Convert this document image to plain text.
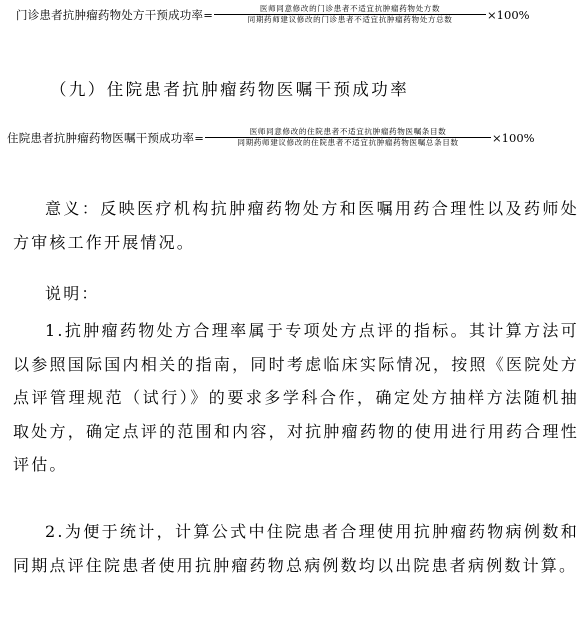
门诊患者抗肿瘤药物处方干预成功率= $\frac{\text{医师同意修改的门诊患者不适宜抗肿瘤药物处方数}}{\text{同期药师建议修改的门诊患者不适宜抗肿瘤药物处方总数}} \times 100\%$
（九）住院患者抗肿瘤药物医嘱干预成功率
住院患者抗肿瘤药物医嘱干预成功率= $\frac{\text{医师同意修改的住院患者不适宜抗肿瘤药物医嘱条目数}}{\text{同期药师建议修改的住院患者不适宜抗肿瘤药物医嘱总条目数}} \times 100\%$

意义：反映医疗机构抗肿瘤药物处方和医嘱用药合理性以及药师处方审核工作开展情况。

说明：

1.抗肿瘤药物处方合理率属于专项处方点评的指标。其计算方法可以参照国际国内相关的指南，同时考虑临床实际情况，按照《医院处方点评管理规范（试行）》的要求多学科合作，确定处方抽样方法随机抽取处方，确定点评的范围和内容，对抗肿瘤药物的使用进行用药合理性评估。

2.为便于统计，计算公式中住院患者合理使用抗肿瘤药物病例数和同期点评住院患者使用抗肿瘤药物总病例数均以出院患者病例数计算。
